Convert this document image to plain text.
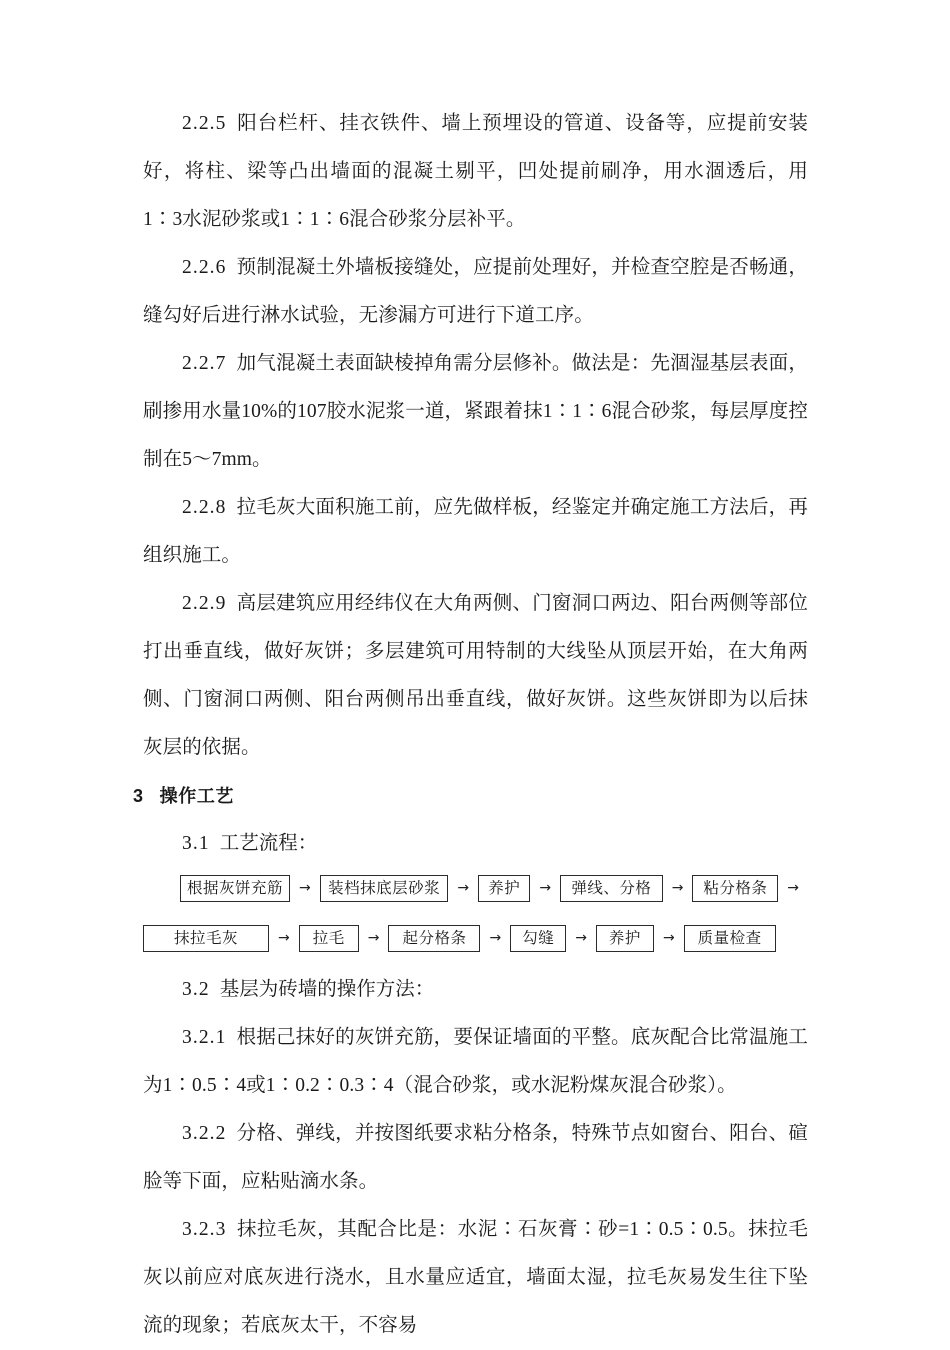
2.2.5 阳台栏杆、挂衣铁件、墙上预埋设的管道、设备等，应提前安装好，将柱、梁等凸出墙面的混凝土剔平，凹处提前刷净，用水涸透后，用1∶3水泥砂浆或1∶1∶6混合砂浆分层补平。

2.2.6 预制混凝土外墙板接缝处，应提前处理好，并检查空腔是否畅通，缝勾好后进行淋水试验，无渗漏方可进行下道工序。

2.2.7 加气混凝土表面缺棱掉角需分层修补。做法是：先涸湿基层表面，刷掺用水量10%的107胶水泥浆一道，紧跟着抹1∶1∶6混合砂浆，每层厚度控制在5～7mm。

2.2.8 拉毛灰大面积施工前，应先做样板，经鉴定并确定施工方法后，再组织施工。

2.2.9 高层建筑应用经纬仪在大角两侧、门窗洞口两边、阳台两侧等部位打出垂直线，做好灰饼；多层建筑可用特制的大线坠从顶层开始，在大角两侧、门窗洞口两侧、阳台两侧吊出垂直线，做好灰饼。这些灰饼即为以后抹灰层的依据。

3 操作工艺

3.1 工艺流程：

根据灰饼充筋	→	装档抹底层砂浆	→	养护	→	弹线、分格	→	粘分格条	→
抹拉毛灰	→	拉毛	→	起分格条	→	勾缝	→	养护	→	质量检查

3.2 基层为砖墙的操作方法：

3.2.1 根据己抹好的灰饼充筋，要保证墙面的平整。底灰配合比常温施工为1∶0.5∶4或1∶0.2∶0.3∶4（混合砂浆，或水泥粉煤灰混合砂浆）。

3.2.2 分格、弹线，并按图纸要求粘分格条，特殊节点如窗台、阳台、碹脸等下面，应粘贴滴水条。

3.2.3 抹拉毛灰，其配合比是：水泥∶石灰膏∶砂=1∶0.5∶0.5。抹拉毛灰以前应对底灰进行浇水，且水量应适宜，墙面太湿，拉毛灰易发生往下坠流的现象；若底灰太干，不容易
